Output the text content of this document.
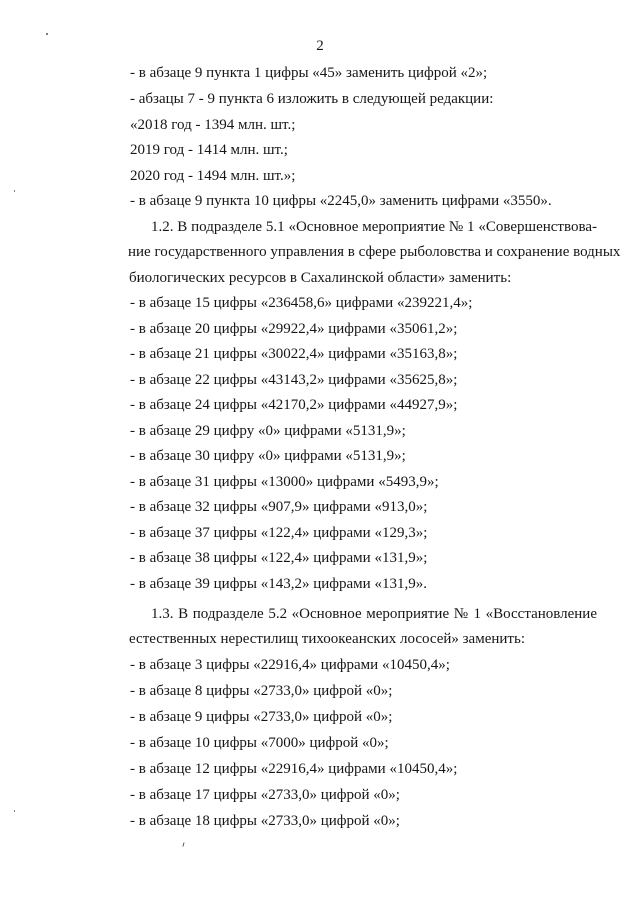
2

- в абзаце 9 пункта 1 цифры «45» заменить цифрой «2»;

- абзацы 7 - 9 пункта 6 изложить в следующей редакции:

«2018 год - 1394 млн. шт.;

2019 год - 1414 млн. шт.;

2020 год - 1494 млн. шт.»;

- в абзаце 9 пункта 10 цифры «2245,0» заменить цифрами «3550».

1.2. В подразделе 5.1 «Основное мероприятие № 1 «Совершенствова-

ние государственного управления в сфере рыболовства и сохранение водных

биологических ресурсов в Сахалинской области» заменить:

- в абзаце 15 цифры «236458,6» цифрами «239221,4»;

- в абзаце 20 цифры «29922,4» цифрами «35061,2»;

- в абзаце 21 цифры «30022,4» цифрами «35163,8»;

- в абзаце 22 цифры «43143,2» цифрами «35625,8»;

- в абзаце 24 цифры «42170,2» цифрами «44927,9»;

- в абзаце 29 цифру «0» цифрами «5131,9»;

- в абзаце 30 цифру «0» цифрами «5131,9»;

- в абзаце 31 цифры «13000» цифрами «5493,9»;

- в абзаце 32 цифры «907,9» цифрами «913,0»;

- в абзаце 37 цифры «122,4» цифрами «129,3»;

- в абзаце 38 цифры «122,4» цифрами «131,9»;

- в абзаце 39 цифры «143,2» цифрами «131,9».

1.3. В подразделе 5.2 «Основное мероприятие № 1 «Восстановление

естественных нерестилищ тихоокеанских лососей» заменить:

- в абзаце 3 цифры «22916,4» цифрами «10450,4»;

- в абзаце 8 цифры «2733,0» цифрой «0»;

- в абзаце 9 цифры «2733,0» цифрой «0»;

- в абзаце 10 цифры «7000» цифрой «0»;

- в абзаце 12 цифры «22916,4» цифрами «10450,4»;

- в абзаце 17 цифры «2733,0» цифрой «0»;

- в абзаце 18 цифры «2733,0» цифрой «0»;
